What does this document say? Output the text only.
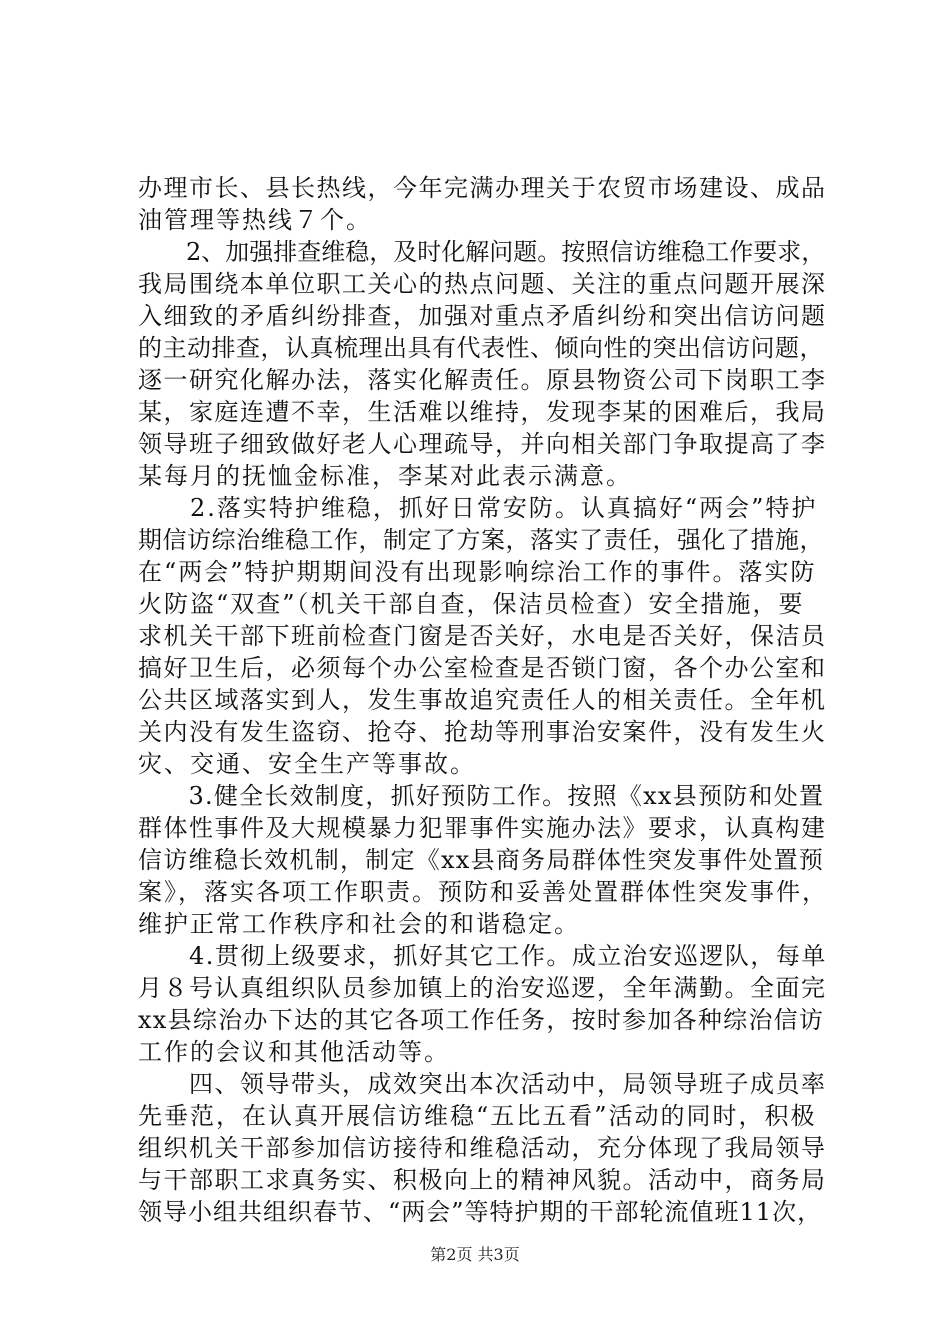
办理市长、县长热线，今年完满办理关于农贸市场建设、成品
油管理等热线７个。
　　2、加强排查维稳，及时化解问题。按照信访维稳工作要求，
我局围绕本单位职工关心的热点问题、关注的重点问题开展深
入细致的矛盾纠纷排查，加强对重点矛盾纠纷和突出信访问题
的主动排查，认真梳理出具有代表性、倾向性的突出信访问题，
逐一研究化解办法，落实化解责任。原县物资公司下岗职工李
某，家庭连遭不幸，生活难以维持，发现李某的困难后，我局
领导班子细致做好老人心理疏导，并向相关部门争取提高了李
某每月的抚恤金标准，李某对此表示满意。
　　2.落实特护维稳，抓好日常安防。认真搞好“两会”特护
期信访综治维稳工作，制定了方案，落实了责任，强化了措施，
在“两会”特护期期间没有出现影响综治工作的事件。落实防
火防盗“双查”（机关干部自查，保洁员检查）安全措施，要
求机关干部下班前检查门窗是否关好，水电是否关好，保洁员
搞好卫生后，必须每个办公室检查是否锁门窗，各个办公室和
公共区域落实到人，发生事故追究责任人的相关责任。全年机
关内没有发生盗窃、抢夺、抢劫等刑事治安案件，没有发生火
灾、交通、安全生产等事故。
　　3.健全长效制度，抓好预防工作。按照《xx县预防和处置
群体性事件及大规模暴力犯罪事件实施办法》要求，认真构建
信访维稳长效机制，制定《xx县商务局群体性突发事件处置预
案》，落实各项工作职责。预防和妥善处置群体性突发事件，
维护正常工作秩序和社会的和谐稳定。
　　4.贯彻上级要求，抓好其它工作。成立治安巡逻队，每单
月８号认真组织队员参加镇上的治安巡逻，全年满勤。全面完
xx县综治办下达的其它各项工作任务，按时参加各种综治信访
工作的会议和其他活动等。
　　四、领导带头，成效突出本次活动中，局领导班子成员率
先垂范，在认真开展信访维稳“五比五看”活动的同时，积极
组织机关干部参加信访接待和维稳活动，充分体现了我局领导
与干部职工求真务实、积极向上的精神风貌。活动中，商务局
领导小组共组织春节、“两会”等特护期的干部轮流值班11次，
第2页 共3页
